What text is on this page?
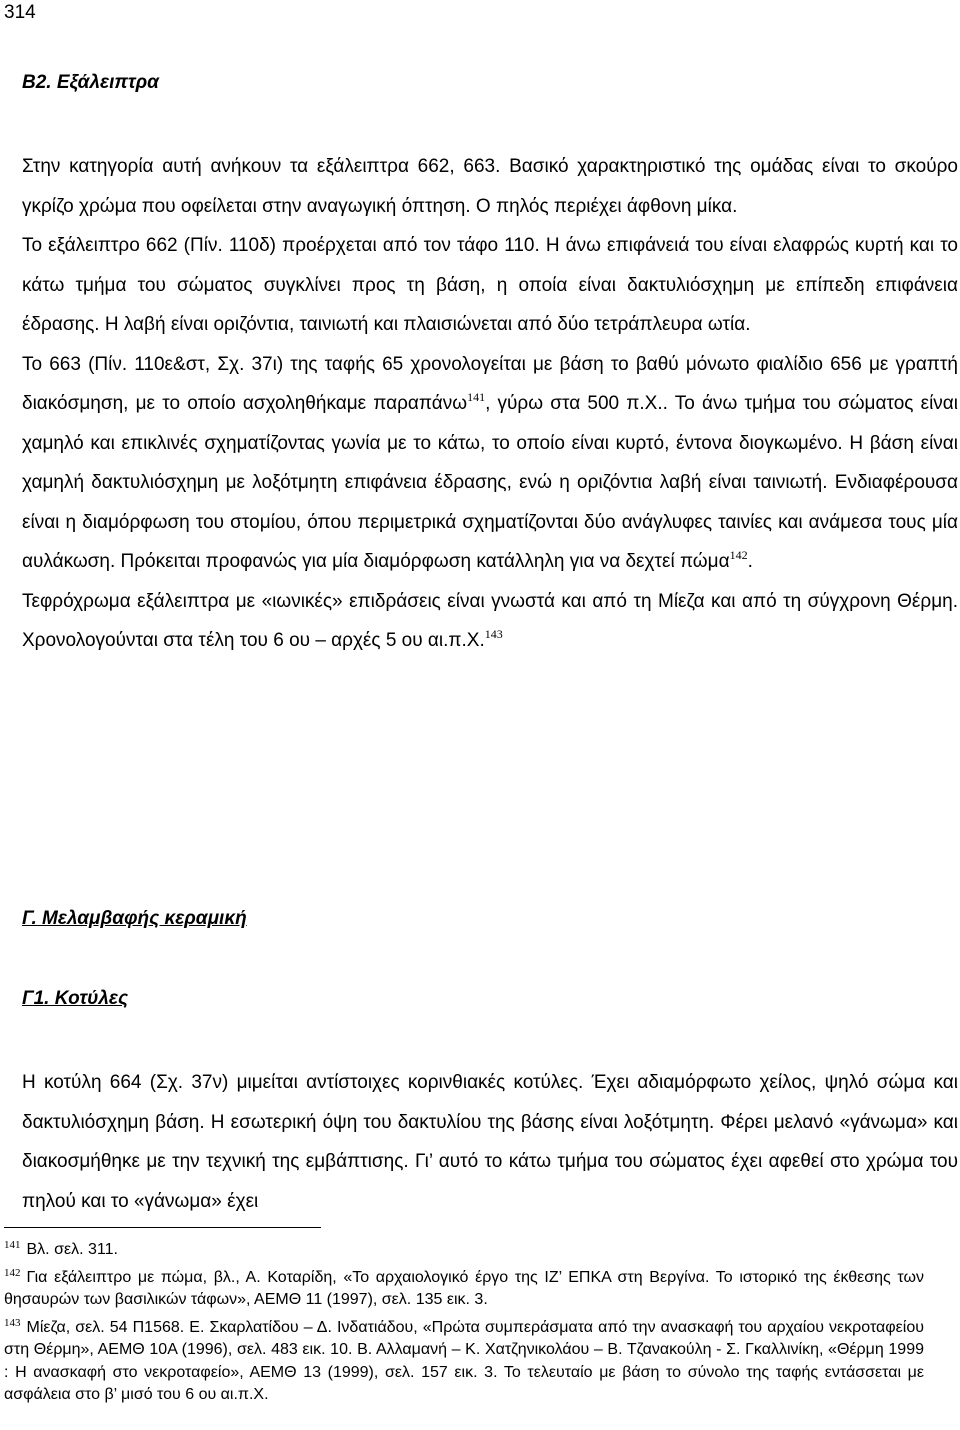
314
Β2. Εξάλειπτρα

Στην κατηγορία αυτή ανήκουν τα εξάλειπτρα 662, 663. Βασικό χαρακτηριστικό της ομάδας είναι το σκούρο γκρίζο χρώμα που οφείλεται στην αναγωγική όπτηση. Ο πηλός περιέχει άφθονη μίκα.

Το εξάλειπτρο 662 (Πίν. 110δ) προέρχεται από τον τάφο 110. Η άνω επιφάνειά του είναι ελαφρώς κυρτή και το κάτω τμήμα του σώματος συγκλίνει προς τη βάση, η οποία είναι δακτυλιόσχημη με επίπεδη επιφάνεια έδρασης. Η λαβή είναι οριζόντια, ταινιωτή και πλαισιώνεται από δύο τετράπλευρα ωτία.

Το 663 (Πίν. 110ε&στ, Σχ. 37ι) της ταφής 65 χρονολογείται με βάση το βαθύ μόνωτο φιαλίδιο 656 με γραπτή διακόσμηση, με το οποίο ασχοληθήκαμε παραπάνω$^{141}$, γύρω στα 500 π.Χ.. Το άνω τμήμα του σώματος είναι χαμηλό και επικλινές σχηματίζοντας γωνία με το κάτω, το οποίο είναι κυρτό, έντονα διογκωμένο. Η βάση είναι χαμηλή δακτυλιόσχημη με λοξότμητη επιφάνεια έδρασης, ενώ η οριζόντια λαβή είναι ταινιωτή. Ενδιαφέρουσα είναι η διαμόρφωση του στομίου, όπου περιμετρικά σχηματίζονται δύο ανάγλυφες ταινίες και ανάμεσα τους μία αυλάκωση. Πρόκειται προφανώς για μία διαμόρφωση κατάλληλη για να δεχτεί πώμα$^{142}$.

Τεφρόχρωμα εξάλειπτρα με «ιωνικές» επιδράσεις είναι γνωστά και από τη Μίεζα και από τη σύγχρονη Θέρμη. Χρονολογούνται στα τέλη του 6 ου – αρχές 5 ου αι.π.Χ.$^{143}$

Γ. Μελαμβαφής κεραμική
Γ1. Κοτύλες

Η κοτύλη 664 (Σχ. 37ν) μιμείται αντίστοιχες κορινθιακές κοτύλες. Έχει αδιαμόρφωτο χείλος, ψηλό σώμα και δακτυλιόσχημη βάση. Η εσωτερική όψη του δακτυλίου της βάσης είναι λοξότμητη. Φέρει μελανό «γάνωμα» και διακοσμήθηκε με την τεχνική της εμβάπτισης. Γι’ αυτό το κάτω τμήμα του σώματος έχει αφεθεί στο χρώμα του πηλού και το «γάνωμα» έχει

$^{141}$ Βλ. σελ. 311.

$^{142}$ Για εξάλειπτρο με πώμα, βλ., Α. Κοταρίδη, «Το αρχαιολογικό έργο της ΙΖ’ ΕΠΚΑ στη Βεργίνα. Το ιστορικό της έκθεσης των θησαυρών των βασιλικών τάφων», ΑΕΜΘ 11 (1997), σελ. 135 εικ. 3.

$^{143}$ Μίεζα, σελ. 54 Π1568. Ε. Σκαρλατίδου – Δ. Ινδατιάδου, «Πρώτα συμπεράσματα από την ανασκαφή του αρχαίου νεκροταφείου στη Θέρμη», ΑΕΜΘ 10Α (1996), σελ. 483 εικ. 10. Β. Αλλαμανή – Κ. Χατζηνικολάου – Β. Τζανακούλη - Σ. Γκαλλινίκη, «Θέρμη 1999 : Η ανασκαφή στο νεκροταφείο», ΑΕΜΘ 13 (1999), σελ. 157 εικ. 3. Το τελευταίο με βάση το σύνολο της ταφής εντάσσεται με ασφάλεια στο β’ μισό του 6 ου αι.π.Χ.
